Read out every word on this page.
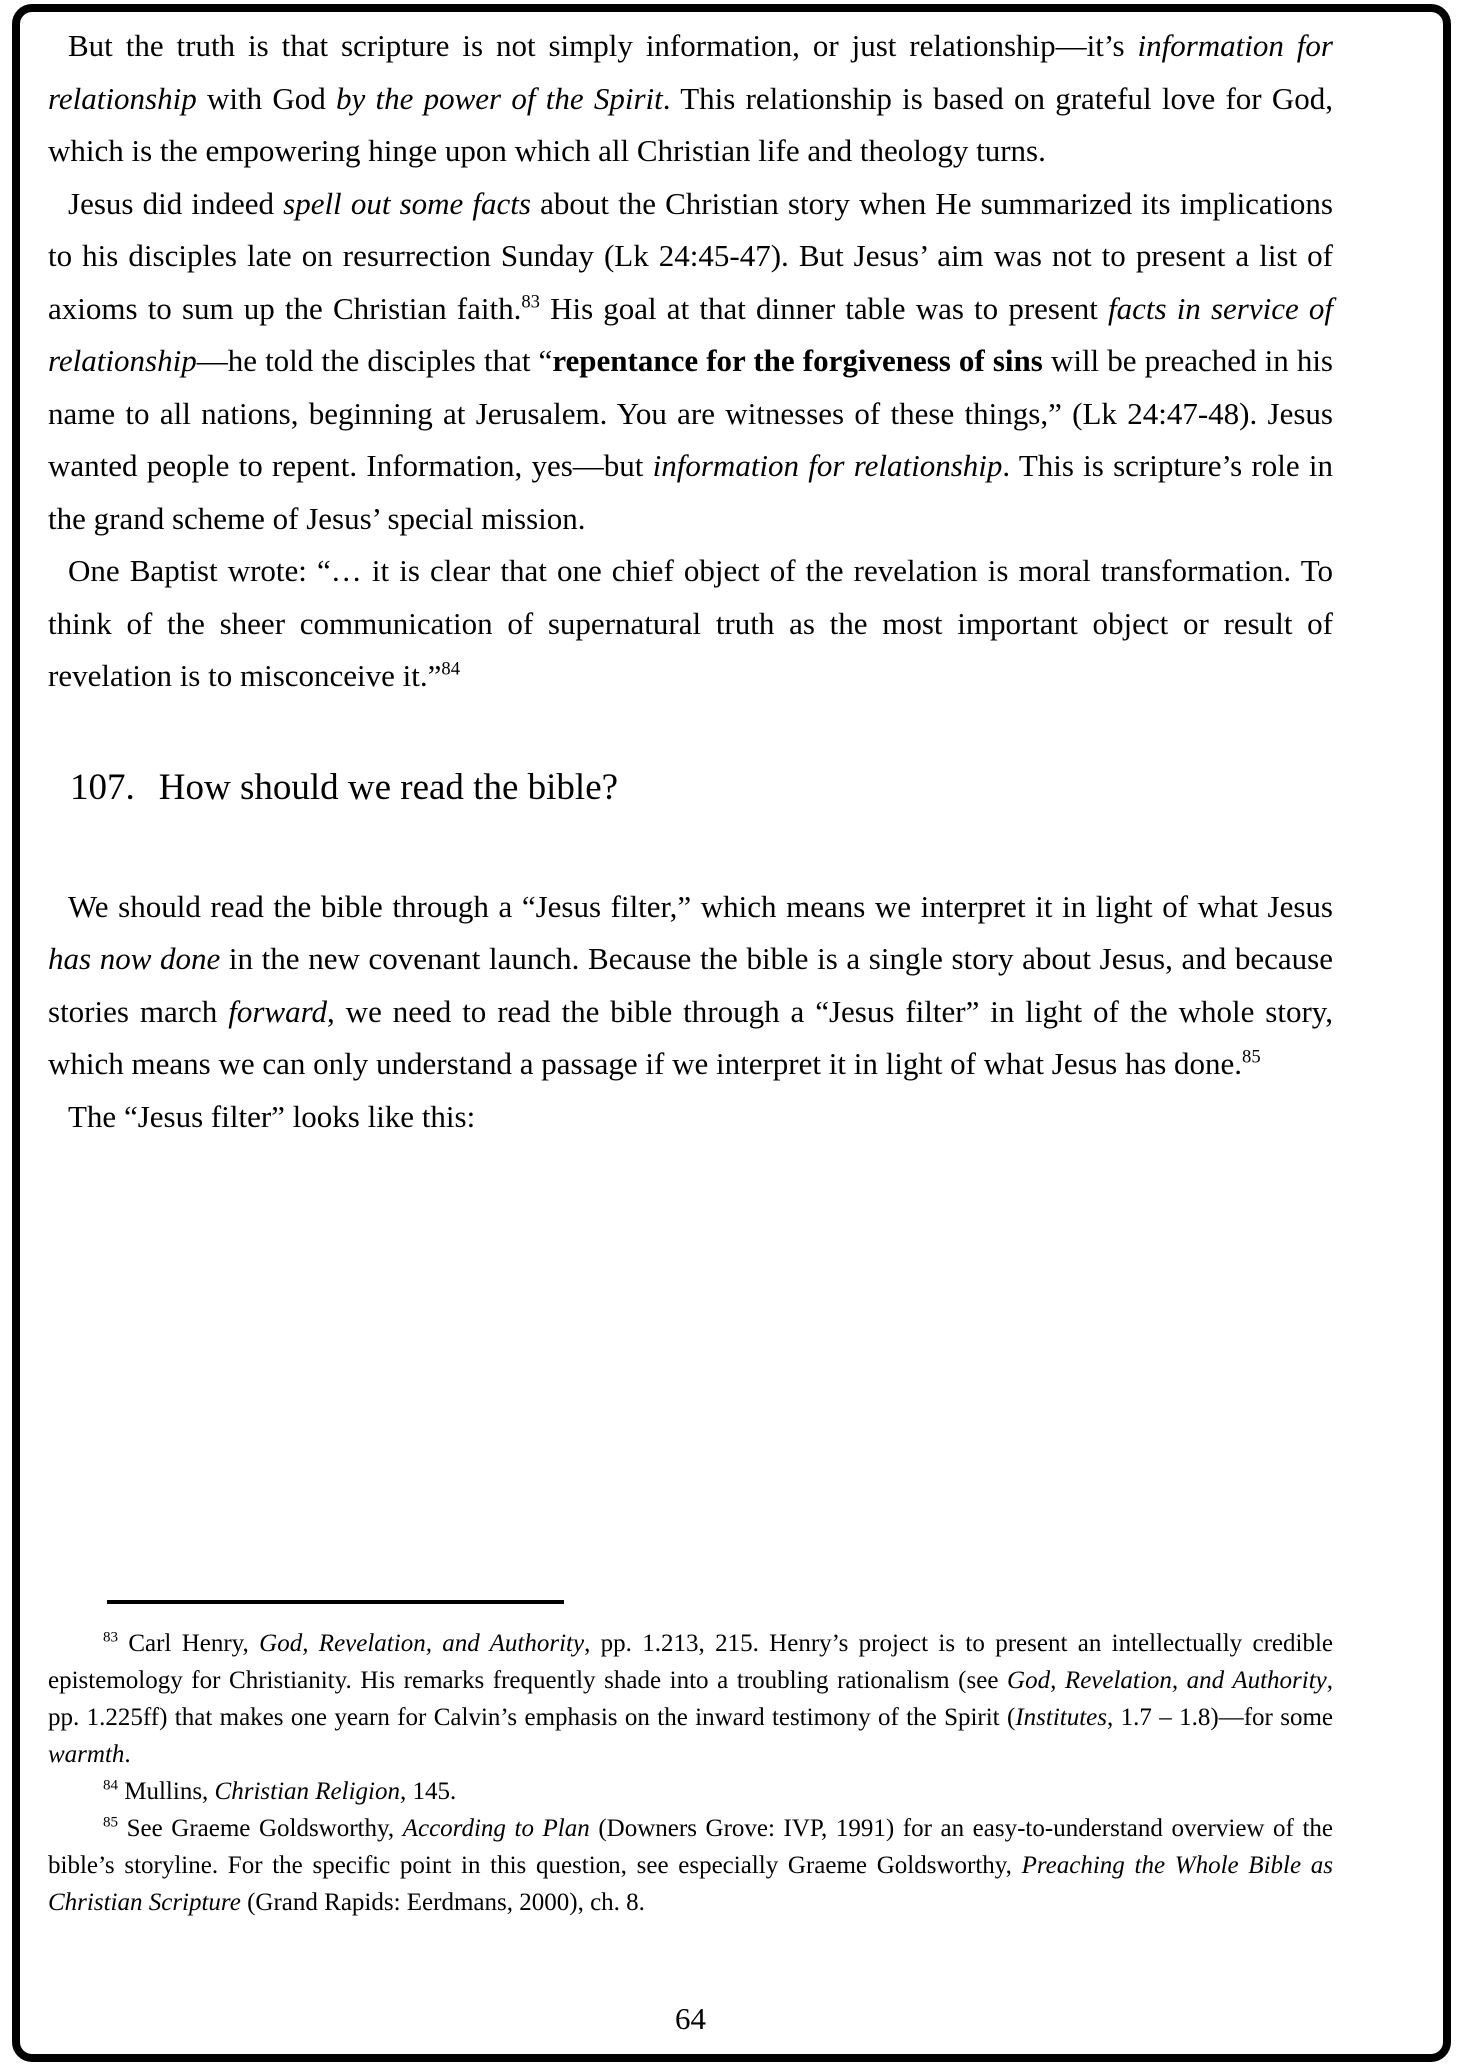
But the truth is that scripture is not simply information, or just relationship—it’s information for relationship with God by the power of the Spirit. This relationship is based on grateful love for God, which is the empowering hinge upon which all Christian life and theology turns.

Jesus did indeed spell out some facts about the Christian story when He summarized its implications to his disciples late on resurrection Sunday (Lk 24:45-47). But Jesus’ aim was not to present a list of axioms to sum up the Christian faith.$^{83}$ His goal at that dinner table was to present facts in service of relationship—he told the disciples that “repentance for the forgiveness of sins will be preached in his name to all nations, beginning at Jerusalem. You are witnesses of these things,” (Lk 24:47-48). Jesus wanted people to repent. Information, yes—but information for relationship. This is scripture’s role in the grand scheme of Jesus’ special mission.

One Baptist wrote: “… it is clear that one chief object of the revelation is moral transformation. To think of the sheer communication of supernatural truth as the most important object or result of revelation is to misconceive it.”$^{84}$

107. How should we read the bible?

We should read the bible through a “Jesus filter,” which means we interpret it in light of what Jesus has now done in the new covenant launch. Because the bible is a single story about Jesus, and because stories march forward, we need to read the bible through a “Jesus filter” in light of the whole story, which means we can only understand a passage if we interpret it in light of what Jesus has done.$^{85}$

The “Jesus filter” looks like this:

$^{83}$ Carl Henry, God, Revelation, and Authority, pp. 1.213, 215. Henry’s project is to present an intellectually credible epistemology for Christianity. His remarks frequently shade into a troubling rationalism (see God, Revelation, and Authority, pp. 1.225ff) that makes one yearn for Calvin’s emphasis on the inward testimony of the Spirit (Institutes, 1.7 – 1.8)—for some warmth.

$^{84}$ Mullins, Christian Religion, 145.

$^{85}$ See Graeme Goldsworthy, According to Plan (Downers Grove: IVP, 1991) for an easy-to-understand overview of the bible’s storyline. For the specific point in this question, see especially Graeme Goldsworthy, Preaching the Whole Bible as Christian Scripture (Grand Rapids: Eerdmans, 2000), ch. 8.

64
